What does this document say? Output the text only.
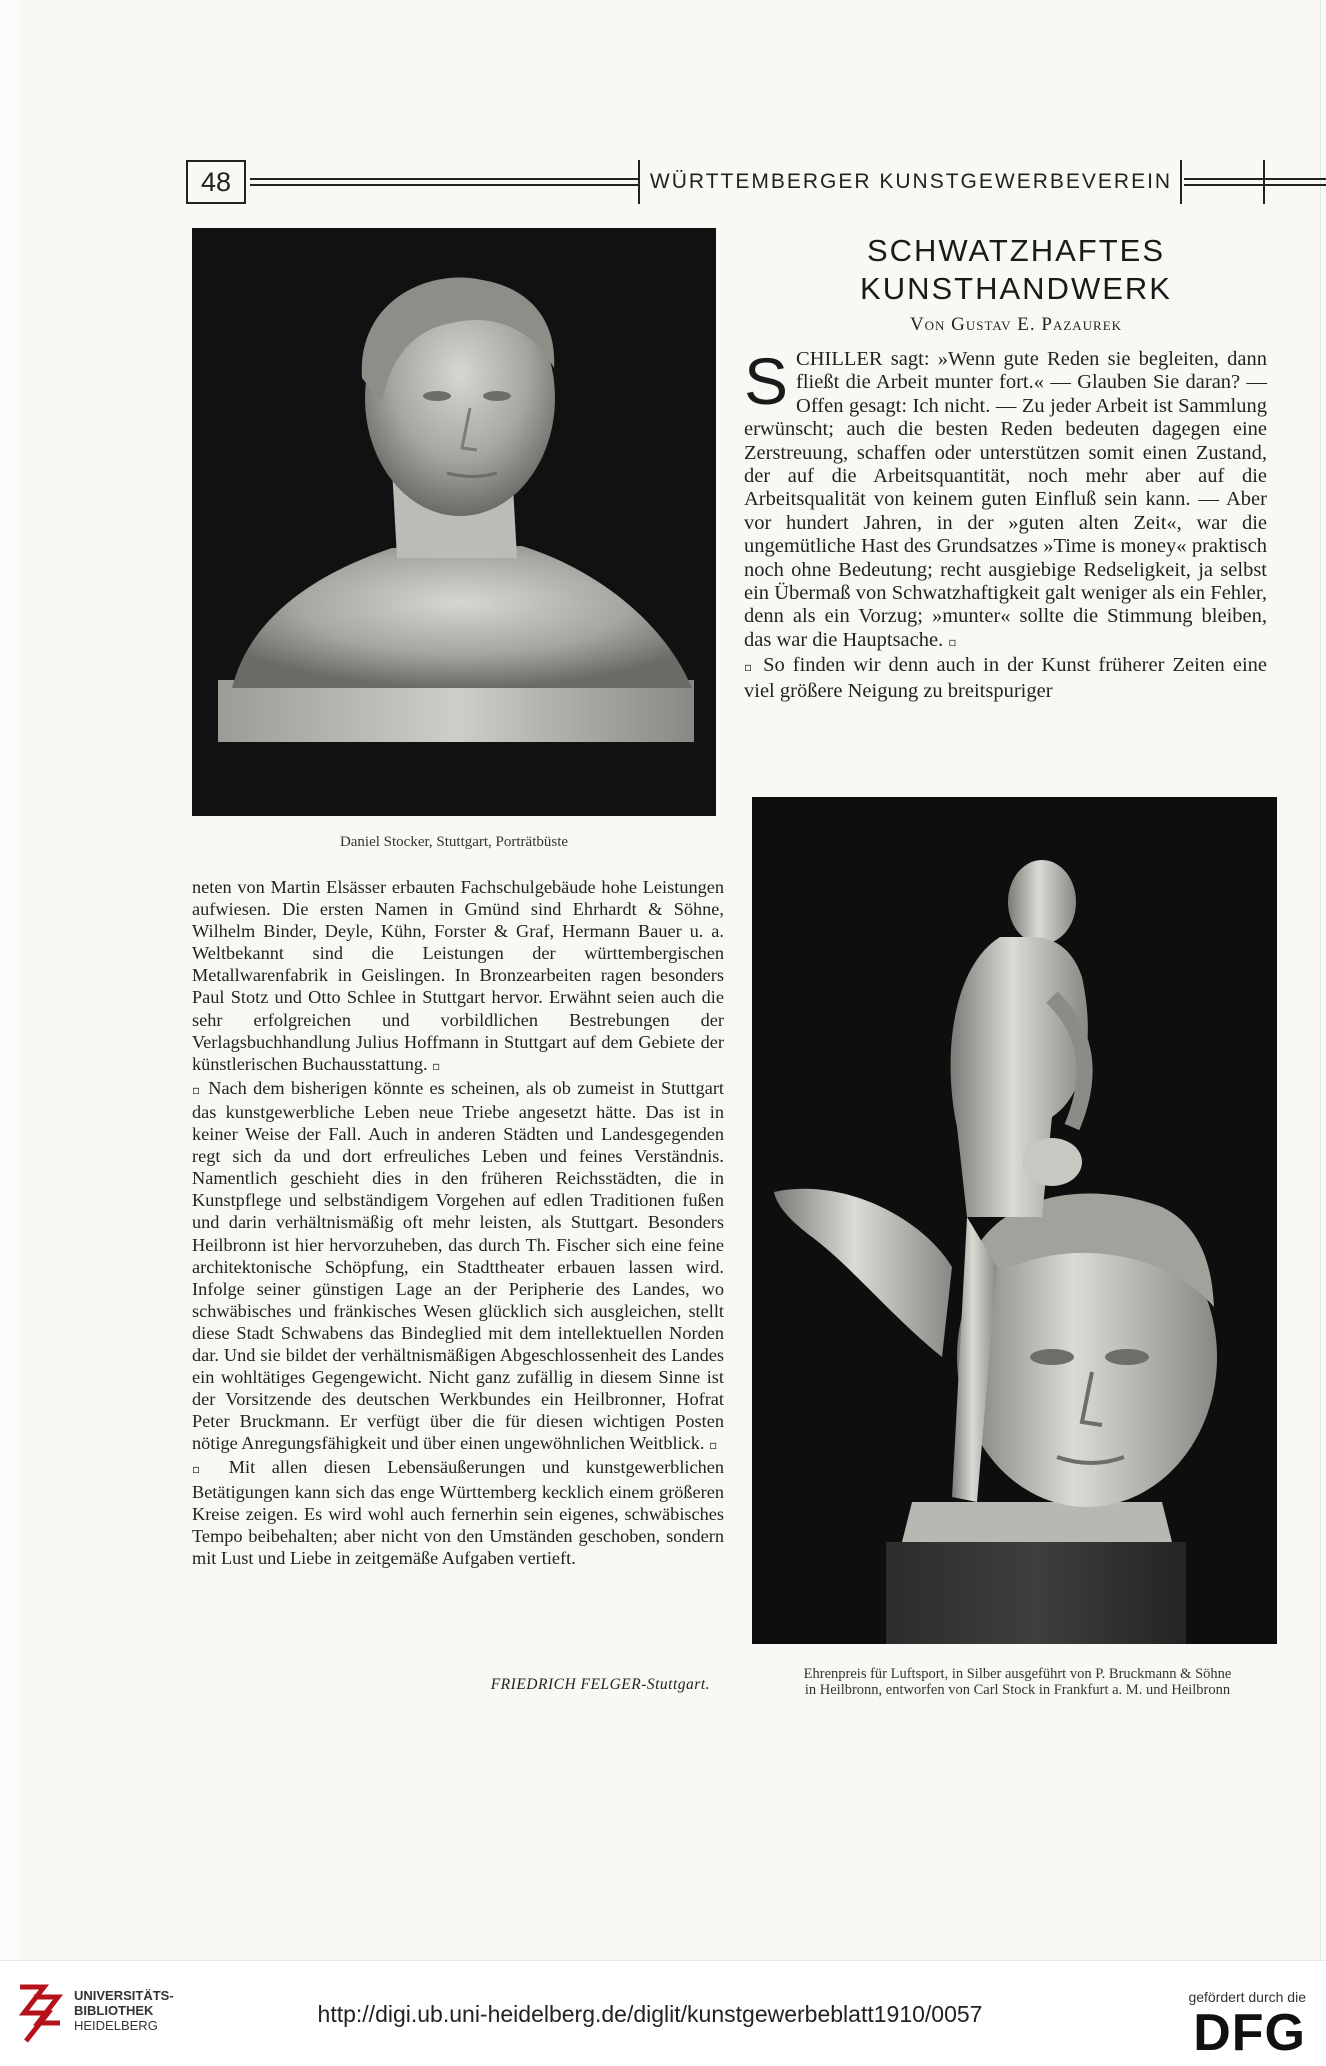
48	WÜRTTEMBERGER KUNSTGEWERBEVEREIN
Daniel Stocker, Stuttgart, Porträtbüste
SCHWATZHAFTES
KUNSTHANDWERK
Von Gustav E. Pazaurek

SCHILLER sagt: »Wenn gute Reden sie begleiten, dann fließt die Arbeit munter fort.« — Glauben Sie daran? — Offen gesagt: Ich nicht. — Zu jeder Arbeit ist Sammlung erwünscht; auch die besten Reden bedeuten dagegen eine Zerstreuung, schaffen oder unterstützen somit einen Zustand, der auf die Arbeitsquantität, noch mehr aber auf die Arbeitsqualität von keinem guten Einfluß sein kann. — Aber vor hundert Jahren, in der »guten alten Zeit«, war die ungemütliche Hast des Grundsatzes »Time is money« praktisch noch ohne Bedeutung; recht ausgiebige Redseligkeit, ja selbst ein Übermaß von Schwatzhaftigkeit galt weniger als ein Fehler, denn als ein Vorzug; »munter« sollte die Stimmung bleiben, das war die Hauptsache. ▫

▫ So finden wir denn auch in der Kunst früherer Zeiten eine viel größere Neigung zu breitspuriger

neten von Martin Elsässer erbauten Fachschulgebäude hohe Leistungen aufwiesen. Die ersten Namen in Gmünd sind Ehrhardt & Söhne, Wilhelm Binder, Deyle, Kühn, Forster & Graf, Hermann Bauer u. a. Weltbekannt sind die Leistungen der württembergischen Metallwarenfabrik in Geislingen. In Bronzearbeiten ragen besonders Paul Stotz und Otto Schlee in Stuttgart hervor. Erwähnt seien auch die sehr erfolgreichen und vorbildlichen Bestrebungen der Verlagsbuchhandlung Julius Hoffmann in Stuttgart auf dem Gebiete der künstlerischen Buchausstattung. ▫

▫ Nach dem bisherigen könnte es scheinen, als ob zumeist in Stuttgart das kunstgewerbliche Leben neue Triebe angesetzt hätte. Das ist in keiner Weise der Fall. Auch in anderen Städten und Landesgegenden regt sich da und dort erfreuliches Leben und feines Verständnis. Namentlich geschieht dies in den früheren Reichsstädten, die in Kunstpflege und selbständigem Vorgehen auf edlen Traditionen fußen und darin verhältnismäßig oft mehr leisten, als Stuttgart. Besonders Heilbronn ist hier hervorzuheben, das durch Th. Fischer sich eine feine architektonische Schöpfung, ein Stadttheater erbauen lassen wird. Infolge seiner günstigen Lage an der Peripherie des Landes, wo schwäbisches und fränkisches Wesen glücklich sich ausgleichen, stellt diese Stadt Schwabens das Bindeglied mit dem intellektuellen Norden dar. Und sie bildet der verhältnismäßigen Abgeschlossenheit des Landes ein wohltätiges Gegengewicht. Nicht ganz zufällig in diesem Sinne ist der Vorsitzende des deutschen Werkbundes ein Heilbronner, Hofrat Peter Bruckmann. Er verfügt über die für diesen wichtigen Posten nötige Anregungsfähigkeit und über einen ungewöhnlichen Weitblick. ▫

▫ Mit allen diesen Lebensäußerungen und kunstgewerblichen Betätigungen kann sich das enge Württemberg kecklich einem größeren Kreise zeigen. Es wird wohl auch fernerhin sein eigenes, schwäbisches Tempo beibehalten; aber nicht von den Umständen geschoben, sondern mit Lust und Liebe in zeitgemäße Aufgaben vertieft.

FRIEDRICH FELGER-Stuttgart.
Ehrenpreis für Luftsport, in Silber ausgeführt von P. Bruckmann & Söhne
in Heilbronn, entworfen von Carl Stock in Frankfurt a. M. und Heilbronn
UNIVERSITÄTS-
BIBLIOTHEK
HEIDELBERG	http://digi.ub.uni-heidelberg.de/diglit/kunstgewerbeblatt1910/0057
gefördert durch die
DFG
